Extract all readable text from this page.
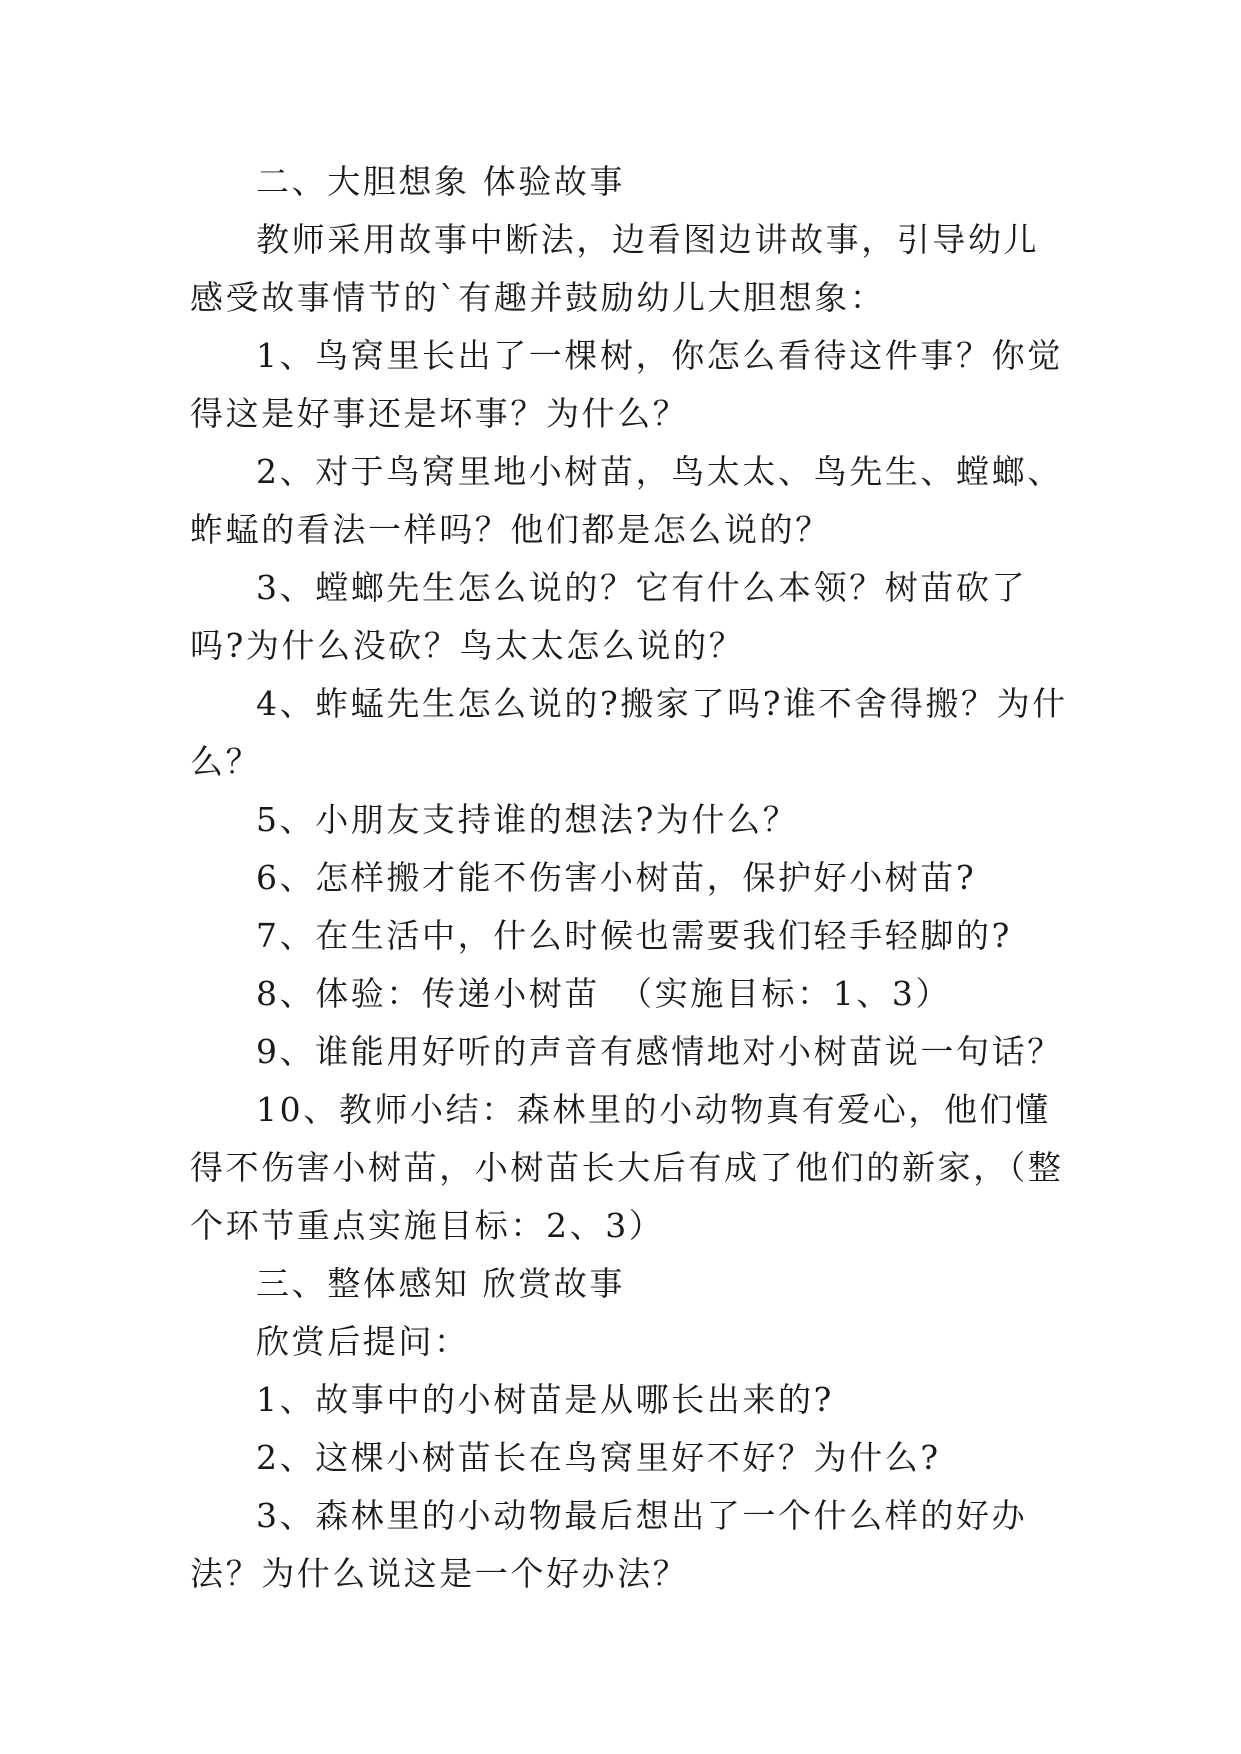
二、大胆想象 体验故事

教师采用故事中断法，边看图边讲故事，引导幼儿感受故事情节的`有趣并鼓励幼儿大胆想象：

1、鸟窝里长出了一棵树，你怎么看待这件事？你觉得这是好事还是坏事？为什么？

2、对于鸟窝里地小树苗，鸟太太、鸟先生、螳螂、蚱蜢的看法一样吗？他们都是怎么说的？

3、螳螂先生怎么说的？它有什么本领？树苗砍了吗?为什么没砍？鸟太太怎么说的？

4、蚱蜢先生怎么说的?搬家了吗?谁不舍得搬？为什么？

5、小朋友支持谁的想法?为什么？

6、怎样搬才能不伤害小树苗，保护好小树苗?

7、在生活中，什么时候也需要我们轻手轻脚的?

8、体验：传递小树苗　（实施目标：1、3）

9、谁能用好听的声音有感情地对小树苗说一句话？

10、教师小结：森林里的小动物真有爱心，他们懂得不伤害小树苗，小树苗长大后有成了他们的新家，（整个环节重点实施目标：2、3）

三、整体感知 欣赏故事

欣赏后提问：

1、故事中的小树苗是从哪长出来的?

2、这棵小树苗长在鸟窝里好不好？为什么?

3、森林里的小动物最后想出了一个什么样的好办法？为什么说这是一个好办法？
